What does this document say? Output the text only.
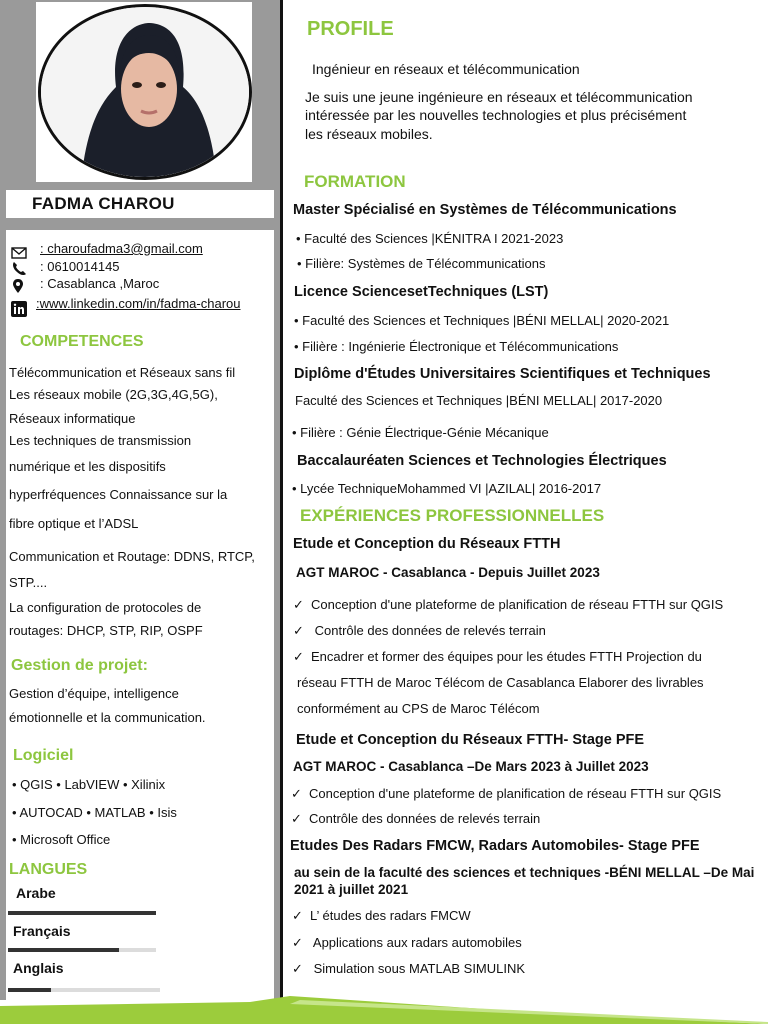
FADMA CHAROU
: charoufadma3@gmail.com
: 0610014145
: Casablanca ,Maroc
:www.linkedin.com/in/fadma-charou
COMPETENCES
Télécommunication et Réseaux sans fil
Les réseaux mobile (2G,3G,4G,5G),
Réseaux informatique
Les techniques de transmission
numérique et les dispositifs
hyperfréquences Connaissance sur la
fibre optique et l’ADSL
Communication et Routage: DDNS, RTCP,
STP....
La configuration de protocoles de
routages: DHCP, STP, RIP, OSPF
Gestion de projet:
Gestion d’équipe, intelligence
émotionnelle et la communication.
Logiciel
• QGIS • LabVIEW • Xilinix
• AUTOCAD • MATLAB • Isis
• Microsoft Office
LANGUES
Arabe
Français
Anglais
PROFILE
Ingénieur en réseaux et télécommunication
Je suis une jeune ingénieure en réseaux et télécommunication
intéressée par les nouvelles technologies et plus précisément
les réseaux mobiles.
FORMATION
Master Spécialisé en Systèmes de Télécommunications
• Faculté des Sciences |KÉNITRA I 2021-2023
• Filière: Systèmes de Télécommunications
Licence SciencesetTechniques (LST)
• Faculté des Sciences et Techniques |BÉNI MELLAL| 2020-2021
• Filière : Ingénierie Électronique et Télécommunications
Diplôme d'Études Universitaires Scientifiques et Techniques
Faculté des Sciences et Techniques |BÉNI MELLAL| 2017-2020
• Filière : Génie Électrique-Génie Mécanique
Baccalauréaten Sciences et Technologies Électriques
• Lycée TechniqueMohammed VI |AZILAL| 2016-2017
EXPÉRIENCES PROFESSIONNELLES
Etude et Conception du Réseaux FTTH
AGT MAROC - Casablanca - Depuis Juillet 2023
✓ Conception d'une plateforme de planification de réseau FTTH sur QGIS
✓ Contrôle des données de relevés terrain
✓ Encadrer et former des équipes pour les études FTTH Projection du
réseau FTTH de Maroc Télécom de Casablanca Elaborer des livrables
conformément au CPS de Maroc Télécom
Etude et Conception du Réseaux FTTH- Stage PFE
AGT MAROC - Casablanca –De Mars 2023 à Juillet 2023
✓ Conception d'une plateforme de planification de réseau FTTH sur QGIS
✓ Contrôle des données de relevés terrain
Etudes Des Radars FMCW, Radars Automobiles- Stage PFE
au sein de la faculté des sciences et techniques -BÉNI MELLAL –De Mai
2021 à juillet 2021
✓ L’ études des radars FMCW
✓ Applications aux radars automobiles
✓ Simulation sous MATLAB SIMULINK
